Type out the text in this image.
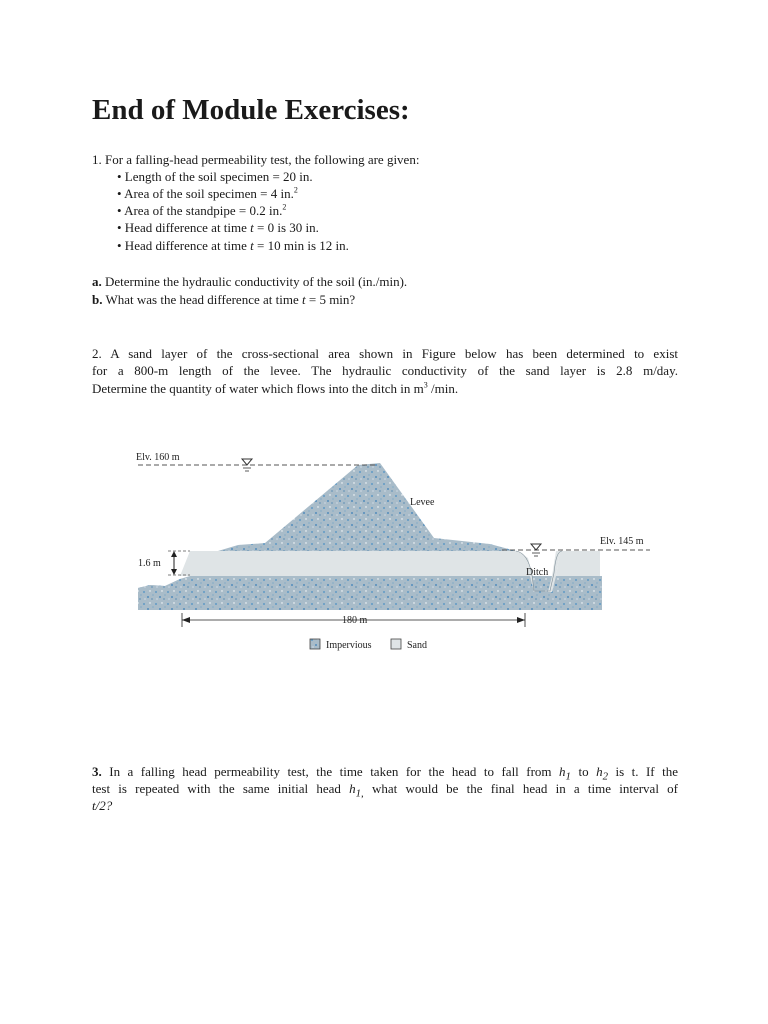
End of Module Exercises:
1. For a falling-head permeability test, the following are given:
• Length of the soil specimen = 20 in.
• Area of the soil specimen = 4 in.$^2$
• Area of the standpipe = 0.2 in.$^2$
• Head difference at time t = 0 is 30 in.
• Head difference at time t = 10 min is 12 in.
a. Determine the hydraulic conductivity of the soil (in./min).
b. What was the head difference at time t = 5 min?
2. A sand layer of the cross-sectional area shown in Figure below has been determined to exist
for a 800-m length of the levee. The hydraulic conductivity of the sand layer is 2.8 m/day.
Determine the quantity of water which flows into the ditch in $m^3$ /min.
Elv. 160 m
Elv. 145 m
Levee
Ditch
1.6 m
180 m
Impervious	Sand
3. In a falling head permeability test, the time taken for the head to fall from $h_1$ to $h_2$ is t. If the
test is repeated with the same initial head $h_{1,}$ what would be the final head in a time interval of
t/2?
